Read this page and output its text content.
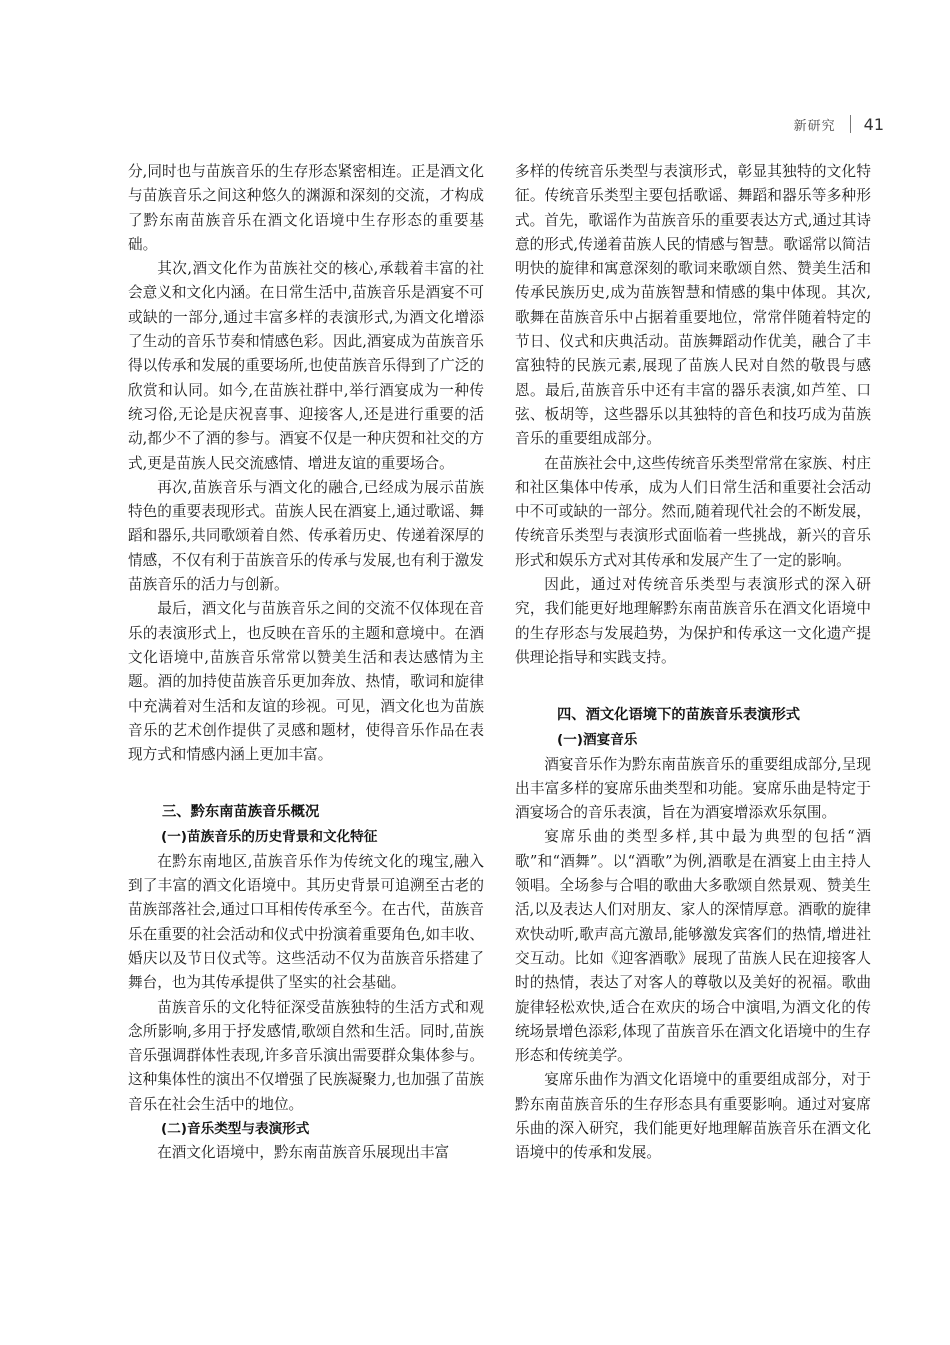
新研究 41

分,同时也与苗族音乐的生存形态紧密相连。正是酒文化与苗族音乐之间这种悠久的渊源和深刻的交流，才构成了黔东南苗族音乐在酒文化语境中生存形态的重要基础。

其次,酒文化作为苗族社交的核心,承载着丰富的社会意义和文化内涵。在日常生活中,苗族音乐是酒宴不可或缺的一部分,通过丰富多样的表演形式,为酒文化增添了生动的音乐节奏和情感色彩。因此,酒宴成为苗族音乐得以传承和发展的重要场所,也使苗族音乐得到了广泛的欣赏和认同。如今,在苗族社群中,举行酒宴成为一种传统习俗,无论是庆祝喜事、迎接客人,还是进行重要的活动,都少不了酒的参与。酒宴不仅是一种庆贺和社交的方式,更是苗族人民交流感情、增进友谊的重要场合。

再次,苗族音乐与酒文化的融合,已经成为展示苗族特色的重要表现形式。苗族人民在酒宴上,通过歌谣、舞蹈和器乐,共同歌颂着自然、传承着历史、传递着深厚的情感，不仅有利于苗族音乐的传承与发展,也有利于激发苗族音乐的活力与创新。

最后，酒文化与苗族音乐之间的交流不仅体现在音乐的表演形式上，也反映在音乐的主题和意境中。在酒文化语境中,苗族音乐常常以赞美生活和表达感情为主题。酒的加持使苗族音乐更加奔放、热情，歌词和旋律中充满着对生活和友谊的珍视。可见，酒文化也为苗族音乐的艺术创作提供了灵感和题材，使得音乐作品在表现方式和情感内涵上更加丰富。

三、黔东南苗族音乐概况
(一)苗族音乐的历史背景和文化特征

在黔东南地区,苗族音乐作为传统文化的瑰宝,融入到了丰富的酒文化语境中。其历史背景可追溯至古老的苗族部落社会,通过口耳相传传承至今。在古代，苗族音乐在重要的社会活动和仪式中扮演着重要角色,如丰收、婚庆以及节日仪式等。这些活动不仅为苗族音乐搭建了舞台，也为其传承提供了坚实的社会基础。

苗族音乐的文化特征深受苗族独特的生活方式和观念所影响,多用于抒发感情,歌颂自然和生活。同时,苗族音乐强调群体性表现,许多音乐演出需要群众集体参与。这种集体性的演出不仅增强了民族凝聚力,也加强了苗族音乐在社会生活中的地位。

(二)音乐类型与表演形式

在酒文化语境中，黔东南苗族音乐展现出丰富

多样的传统音乐类型与表演形式，彰显其独特的文化特征。传统音乐类型主要包括歌谣、舞蹈和器乐等多种形式。首先，歌谣作为苗族音乐的重要表达方式,通过其诗意的形式,传递着苗族人民的情感与智慧。歌谣常以简洁明快的旋律和寓意深刻的歌词来歌颂自然、赞美生活和传承民族历史,成为苗族智慧和情感的集中体现。其次,歌舞在苗族音乐中占据着重要地位，常常伴随着特定的节日、仪式和庆典活动。苗族舞蹈动作优美，融合了丰富独特的民族元素,展现了苗族人民对自然的敬畏与感恩。最后,苗族音乐中还有丰富的器乐表演,如芦笙、口弦、板胡等，这些器乐以其独特的音色和技巧成为苗族音乐的重要组成部分。

在苗族社会中,这些传统音乐类型常常在家族、村庄和社区集体中传承，成为人们日常生活和重要社会活动中不可或缺的一部分。然而,随着现代社会的不断发展，传统音乐类型与表演形式面临着一些挑战，新兴的音乐形式和娱乐方式对其传承和发展产生了一定的影响。

因此，通过对传统音乐类型与表演形式的深入研究，我们能更好地理解黔东南苗族音乐在酒文化语境中的生存形态与发展趋势，为保护和传承这一文化遗产提供理论指导和实践支持。

四、酒文化语境下的苗族音乐表演形式
(一)酒宴音乐

酒宴音乐作为黔东南苗族音乐的重要组成部分,呈现出丰富多样的宴席乐曲类型和功能。宴席乐曲是特定于酒宴场合的音乐表演，旨在为酒宴增添欢乐氛围。

宴席乐曲的类型多样,其中最为典型的包括“酒歌”和“酒舞”。以“酒歌”为例,酒歌是在酒宴上由主持人领唱。全场参与合唱的歌曲大多歌颂自然景观、赞美生活,以及表达人们对朋友、家人的深情厚意。酒歌的旋律欢快动听,歌声高亢激昂,能够激发宾客们的热情,增进社交互动。比如《迎客酒歌》展现了苗族人民在迎接客人时的热情，表达了对客人的尊敬以及美好的祝福。歌曲旋律轻松欢快,适合在欢庆的场合中演唱,为酒文化的传统场景增色添彩,体现了苗族音乐在酒文化语境中的生存形态和传统美学。

宴席乐曲作为酒文化语境中的重要组成部分，对于黔东南苗族音乐的生存形态具有重要影响。通过对宴席乐曲的深入研究，我们能更好地理解苗族音乐在酒文化语境中的传承和发展。
